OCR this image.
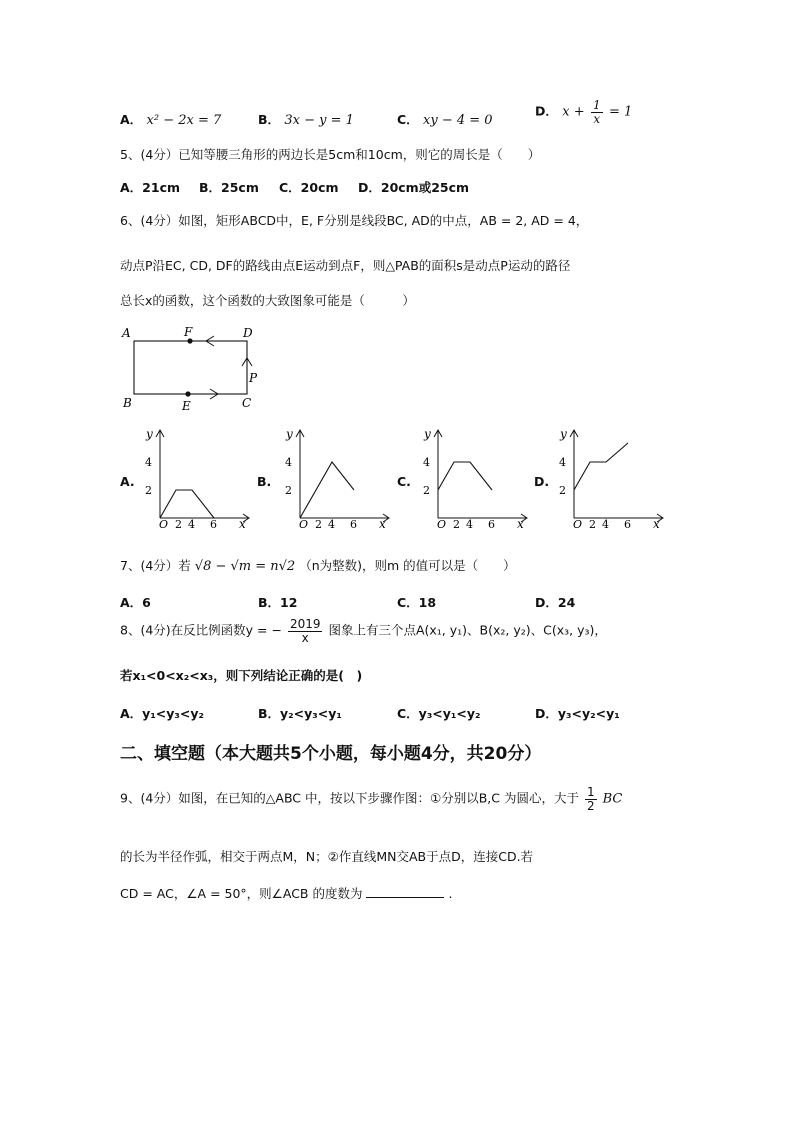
A． x² − 2x = 7	B． 3x − y = 1	C． xy − 4 = 0
D． $x + \frac{1}{x} = 1$
5、(4分）已知等腰三角形的两边长是5cm和10cm，则它的周长是（　　）
A．21cm B．25cm C．20cm D．20cm或25cm
6、(4分）如图，矩形ABCD中，E, F分别是线段BC, AD的中点，AB = 2, AD = 4，
动点P沿EC, CD, DF的路线由点E运动到点F，则△PAB的面积s是动点P运动的路径
总长x的函数，这个函数的大致图象可能是（　　　）
A	F	D
B	E	C
P
A.	B.	C.	D.
y
x
4
2
O 2 4 6
y
x
4
2
O 2 4 6
y
x
4
2
O 2 4 6
y
x
4
2
O 2 4 6
7、(4分）若 √8 − √m = n√2 （n为整数)，则m 的值可以是（　　）
A．6	B．12	C．18	D．24
8、(4分)在反比例函数y = − $\frac{2019}{x}$ 图象上有三个点A(x₁, y₁)、B(x₂, y₂)、C(x₃, y₃)，
若x₁<0<x₂<x₃，则下列结论正确的是(　)
A．y₁<y₃<y₂	B．y₂<y₃<y₁	C．y₃<y₁<y₂	D．y₃<y₂<y₁
二、填空题（本大题共5个小题，每小题4分，共20分）
9、(4分）如图，在已知的△ABC 中，按以下步骤作图：①分别以B,C 为圆心，大于 $\frac{1}{2}$ BC
的长为半径作弧，相交于两点M，N；②作直线MN交AB于点D，连接CD.若
CD = AC，∠A = 50°，则∠ACB 的度数为	.
